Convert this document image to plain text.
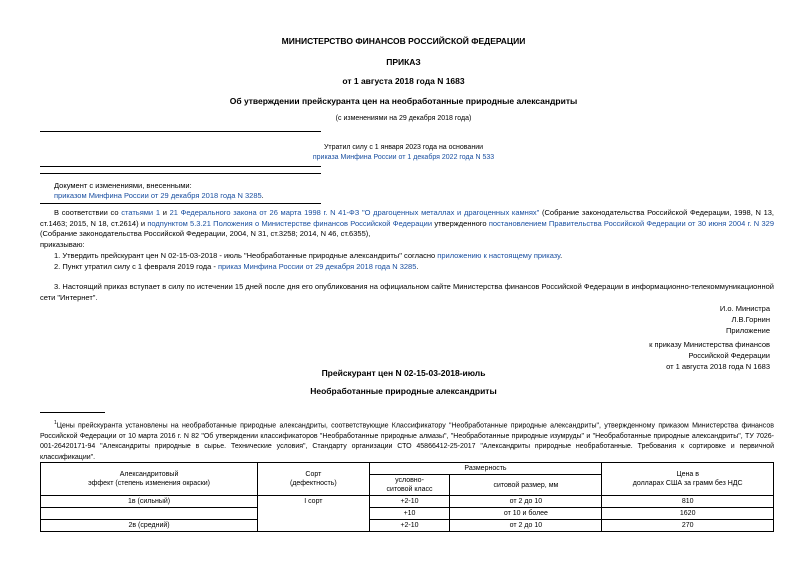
МИНИСТЕРСТВО ФИНАНСОВ РОССИЙСКОЙ ФЕДЕРАЦИИ
ПРИКАЗ
от 1 августа 2018 года N 1683
Об утверждении прейскуранта цен на необработанные природные александриты
(с изменениями на 29 декабря 2018 года)
Утратил силу с 1 января 2023 года на основании
приказа Минфина России от 1 декабря 2022 года N 533
Документ с изменениями, внесенными:
приказом Минфина России от 29 декабря 2018 года N 3285.
В соответствии со статьями 1 и 21 Федерального закона от 26 марта 1998 г. N 41-ФЗ "О драгоценных металлах и драгоценных камнях" (Собрание законодательства Российской Федерации, 1998, N 13, ст.1463; 2015, N 18, ст.2614) и подпунктом 5.3.21 Положения о Министерстве финансов Российской Федерации утвержденного постановлением Правительства Российской Федерации от 30 июня 2004 г. N 329 (Собрание законодательства Российской Федерации, 2004, N 31, ст.3258; 2014, N 46, ст.6355),
приказываю:
1. Утвердить прейскурант цен N 02-15-03-2018 - июль "Необработанные природные александриты" согласно приложению к настоящему приказу.
2. Пункт утратил силу с 1 февраля 2019 года - приказ Минфина России от 29 декабря 2018 года N 3285.
3. Настоящий приказ вступает в силу по истечении 15 дней после дня его опубликования на официальном сайте Министерства финансов Российской Федерации в информационно-телекоммуникационной сети "Интернет".
И.о. Министра
Л.В.Горнин
Приложение
к приказу Министерства финансов
Российской Федерации
от 1 августа 2018 года N 1683
Прейскурант цен N 02-15-03-2018-июль
Необработанные природные александриты
$^1$Цены прейскуранта установлены на необработанные природные александриты, соответствующие Классификатору "Необработанные природные александриты", утвержденному приказом Министерства финансов Российской Федерации от 10 марта 2016 г. N 82 "Об утверждении классификаторов "Необработанные природные алмазы", "Необработанные природные изумруды" и "Необработанные природные александриты", ТУ 7026-001-26420171-94 "Александриты природные в сырье. Технические условия", Стандарту организации СТО 45866412-25-2017 "Александриты природные необработанные. Требования к сортировке и первичной классификации".
Александритовый
эффект (степень изменения окраски)	Сорт
(дефектность)	Размерность		Цена в
долларах США за грамм без НДС
		условно-
ситовой класс	ситовой размер, мм	
1в (сильный)	I сорт	+2-10	от 2 до 10	810
		+10	от 10 и более	1620
2в (средний)		+2-10	от 2 до 10	270
